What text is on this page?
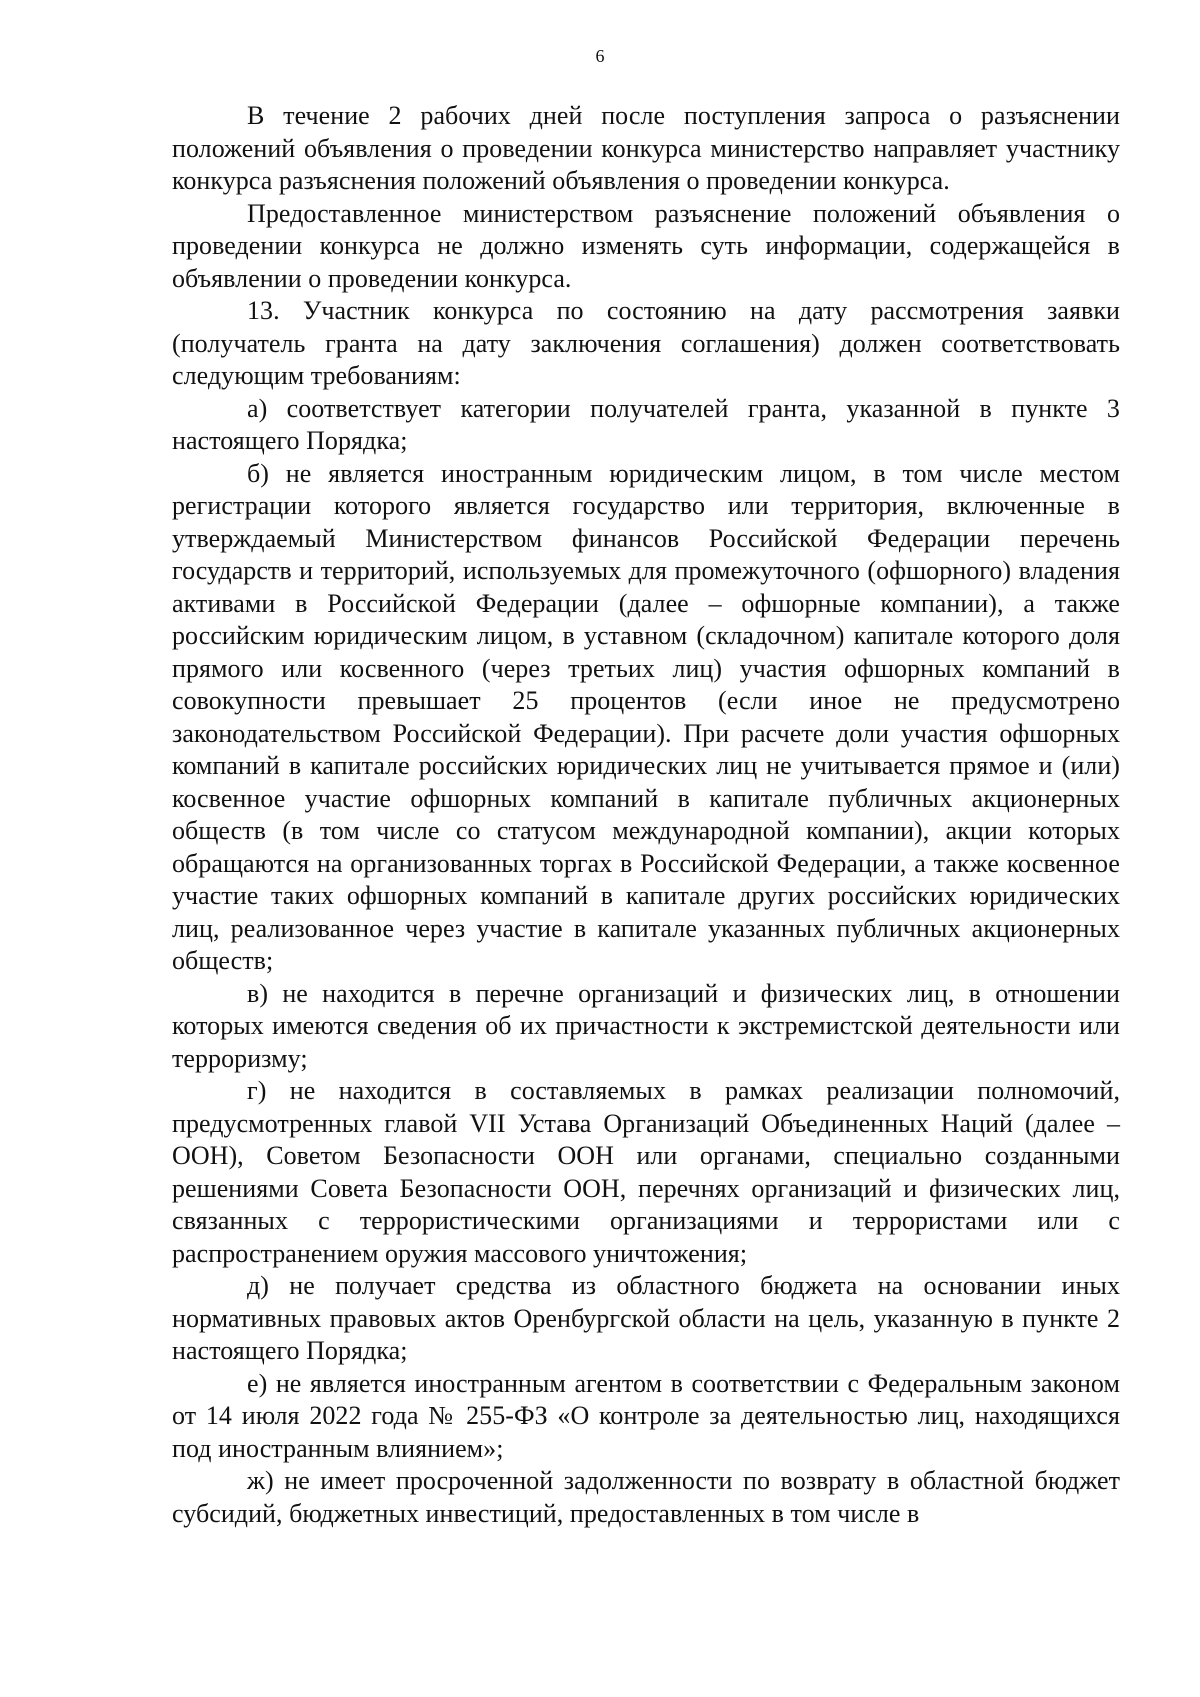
6

В течение 2 рабочих дней после поступления запроса о разъяснении положений объявления о проведении конкурса министерство направляет участнику конкурса разъяснения положений объявления о проведении конкурса.

Предоставленное министерством разъяснение положений объявления о проведении конкурса не должно изменять суть информации, содержащейся в объявлении о проведении конкурса.

13. Участник конкурса по состоянию на дату рассмотрения заявки (получатель гранта на дату заключения соглашения) должен соответствовать следующим требованиям:

а) соответствует категории получателей гранта, указанной в пункте 3 настоящего Порядка;

б) не является иностранным юридическим лицом, в том числе местом регистрации которого является государство или территория, включенные в утверждаемый Министерством финансов Российской Федерации перечень государств и территорий, используемых для промежуточного (офшорного) владения активами в Российской Федерации (далее – офшорные компании), а также российским юридическим лицом, в уставном (складочном) капитале которого доля прямого или косвенного (через третьих лиц) участия офшорных компаний в совокупности превышает 25 процентов (если иное не предусмотрено законодательством Российской Федерации). При расчете доли участия офшорных компаний в капитале российских юридических лиц не учитывается прямое и (или) косвенное участие офшорных компаний в капитале публичных акционерных обществ (в том числе со статусом международной компании), акции которых обращаются на организованных торгах в Российской Федерации, а также косвенное участие таких офшорных компаний в капитале других российских юридических лиц, реализованное через участие в капитале указанных публичных акционерных обществ;

в) не находится в перечне организаций и физических лиц, в отношении которых имеются сведения об их причастности к экстремистской деятельности или терроризму;

г) не находится в составляемых в рамках реализации полномочий, предусмотренных главой VII Устава Организаций Объединенных Наций (далее – ООН), Советом Безопасности ООН или органами, специально созданными решениями Совета Безопасности ООН, перечнях организаций и физических лиц, связанных с террористическими организациями и террористами или с распространением оружия массового уничтожения;

д) не получает средства из областного бюджета на основании иных нормативных правовых актов Оренбургской области на цель, указанную в пункте 2 настоящего Порядка;

е) не является иностранным агентом в соответствии с Федеральным законом от 14 июля 2022 года № 255-ФЗ «О контроле за деятельностью лиц, находящихся под иностранным влиянием»;

ж) не имеет просроченной задолженности по возврату в областной бюджет субсидий, бюджетных инвестиций, предоставленных в том числе в
